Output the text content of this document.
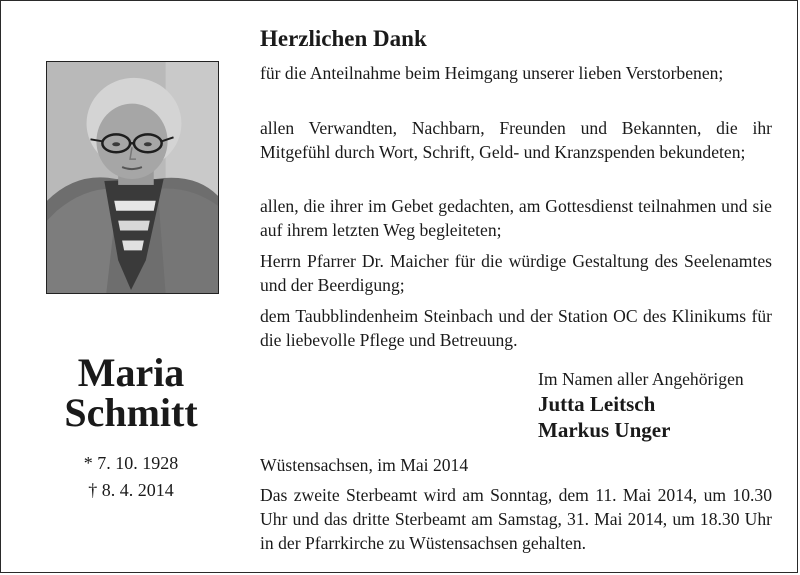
Maria
Schmitt
* 7. 10. 1928
† 8. 4. 2014
Herzlichen Dank

für die Anteilnahme beim Heimgang unserer lieben Verstorbenen;

allen Verwandten, Nachbarn, Freunden und Bekannten, die ihr Mitgefühl durch Wort, Schrift, Geld- und Kranzspenden bekundeten;

allen, die ihrer im Gebet gedachten, am Gottesdienst teilnahmen und sie auf ihrem letzten Weg begleiteten;

Herrn Pfarrer Dr. Maicher für die würdige Gestaltung des Seelenamtes und der Beerdigung;

dem Taubblindenheim Steinbach und der Station OC des Klinikums für die liebevolle Pflege und Betreuung.

Im Namen aller Angehörigen
Jutta Leitsch
Markus Unger
Wüstensachsen, im Mai 2014

Das zweite Sterbeamt wird am Sonntag, dem 11. Mai 2014, um 10.30 Uhr und das dritte Sterbeamt am Samstag, 31. Mai 2014, um 18.30 Uhr in der Pfarrkirche zu Wüstensachsen gehalten.
